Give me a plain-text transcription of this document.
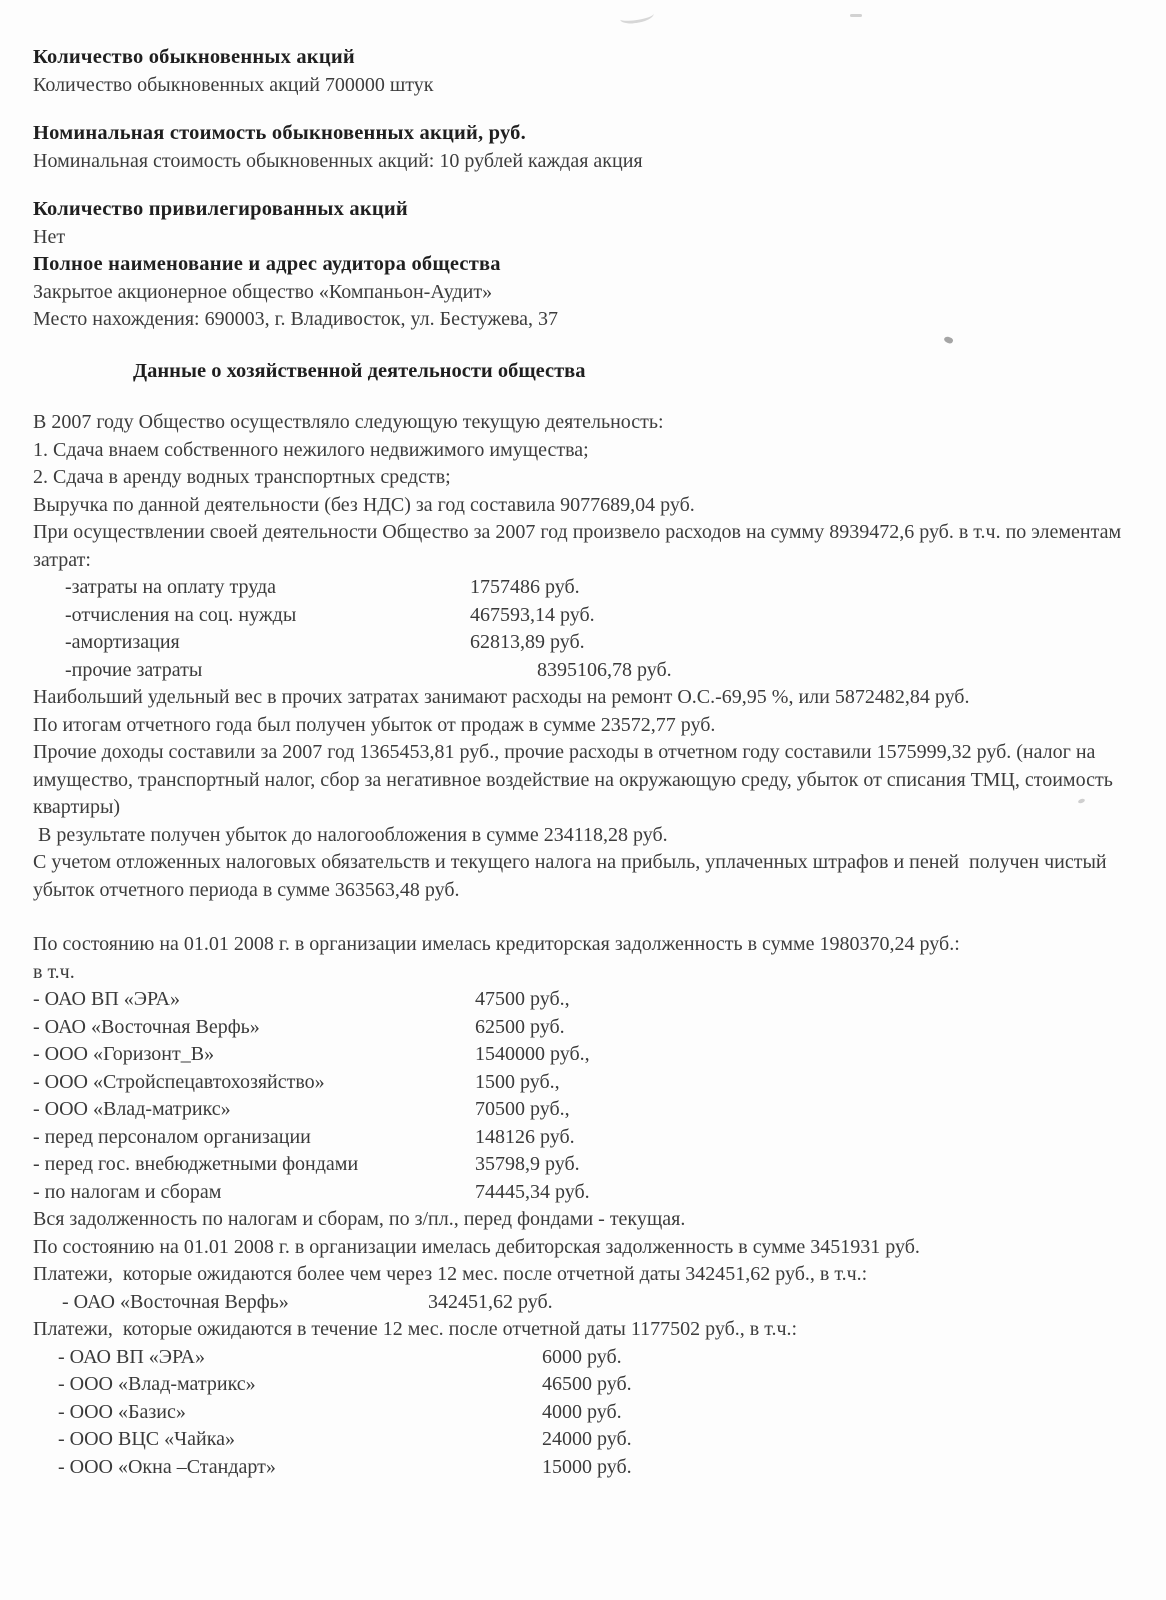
Количество обыкновенных акций

Количество обыкновенных акций 700000 штук

Номинальная стоимость обыкновенных акций, руб.

Номинальная стоимость обыкновенных акций: 10 рублей каждая акция

Количество привилегированных акций

Нет

Полное наименование и адрес аудитора общества

Закрытое акционерное общество «Компаньон-Аудит»

Место нахождения: 690003, г. Владивосток, ул. Бестужева, 37

Данные о хозяйственной деятельности общества

В 2007 году Общество осуществляло следующую текущую деятельность:

1. Сдача внаем собственного нежилого недвижимого имущества;

2. Сдача в аренду водных транспортных средств;

Выручка по данной деятельности (без НДС) за год составила 9077689,04 руб.

При осуществлении своей деятельности Общество за 2007 год произвело расходов на сумму 8939472,6 руб. в т.ч. по элементам затрат:

-затраты на оплату труда	1757486 руб.
-отчисления на соц. нужды	467593,14 руб.
-амортизация	62813,89 руб.
-прочие затраты	8395106,78 руб.

Наибольший удельный вес в прочих затратах занимают расходы на ремонт О.С.-69,95 %, или 5872482,84 руб.

По итогам отчетного года был получен убыток от продаж в сумме 23572,77 руб.

Прочие доходы составили за 2007 год 1365453,81 руб., прочие расходы в отчетном году составили 1575999,32 руб. (налог на имущество, транспортный налог, сбор за негативное воздействие на окружающую среду, убыток от списания ТМЦ, стоимость квартиры)

В результате получен убыток до налогообложения в сумме 234118,28 руб.

С учетом отложенных налоговых обязательств и текущего налога на прибыль, уплаченных штрафов и пеней  получен чистый убыток отчетного периода в сумме 363563,48 руб.

По состоянию на 01.01 2008 г. в организации имелась кредиторская задолженность в сумме 1980370,24 руб.:

в т.ч.

- ОАО ВП «ЭРА»	47500 руб.,
- ОАО «Восточная Верфь»	62500 руб.
- ООО «Горизонт_В»	1540000 руб.,
- ООО «Стройспецавтохозяйство»	1500 руб.,
- ООО «Влад-матрикс»	70500 руб.,
- перед персоналом организации	148126 руб.
- перед гос. внебюджетными фондами	35798,9 руб.
- по налогам и сборам	74445,34 руб.

Вся задолженность по налогам и сборам, по з/пл., перед фондами - текущая.

По состоянию на 01.01 2008 г. в организации имелась дебиторская задолженность в сумме 3451931 руб.

Платежи,  которые ожидаются более чем через 12 мес. после отчетной даты 342451,62 руб., в т.ч.:

- ОАО «Восточная Верфь»	342451,62 руб.

Платежи,  которые ожидаются в течение 12 мес. после отчетной даты 1177502 руб., в т.ч.:

- ОАО ВП «ЭРА»	6000 руб.
- ООО «Влад-матрикс»	46500 руб.
- ООО «Базис»	4000 руб.
- ООО ВЦС «Чайка»	24000 руб.
- ООО «Окна –Стандарт»	15000 руб.
